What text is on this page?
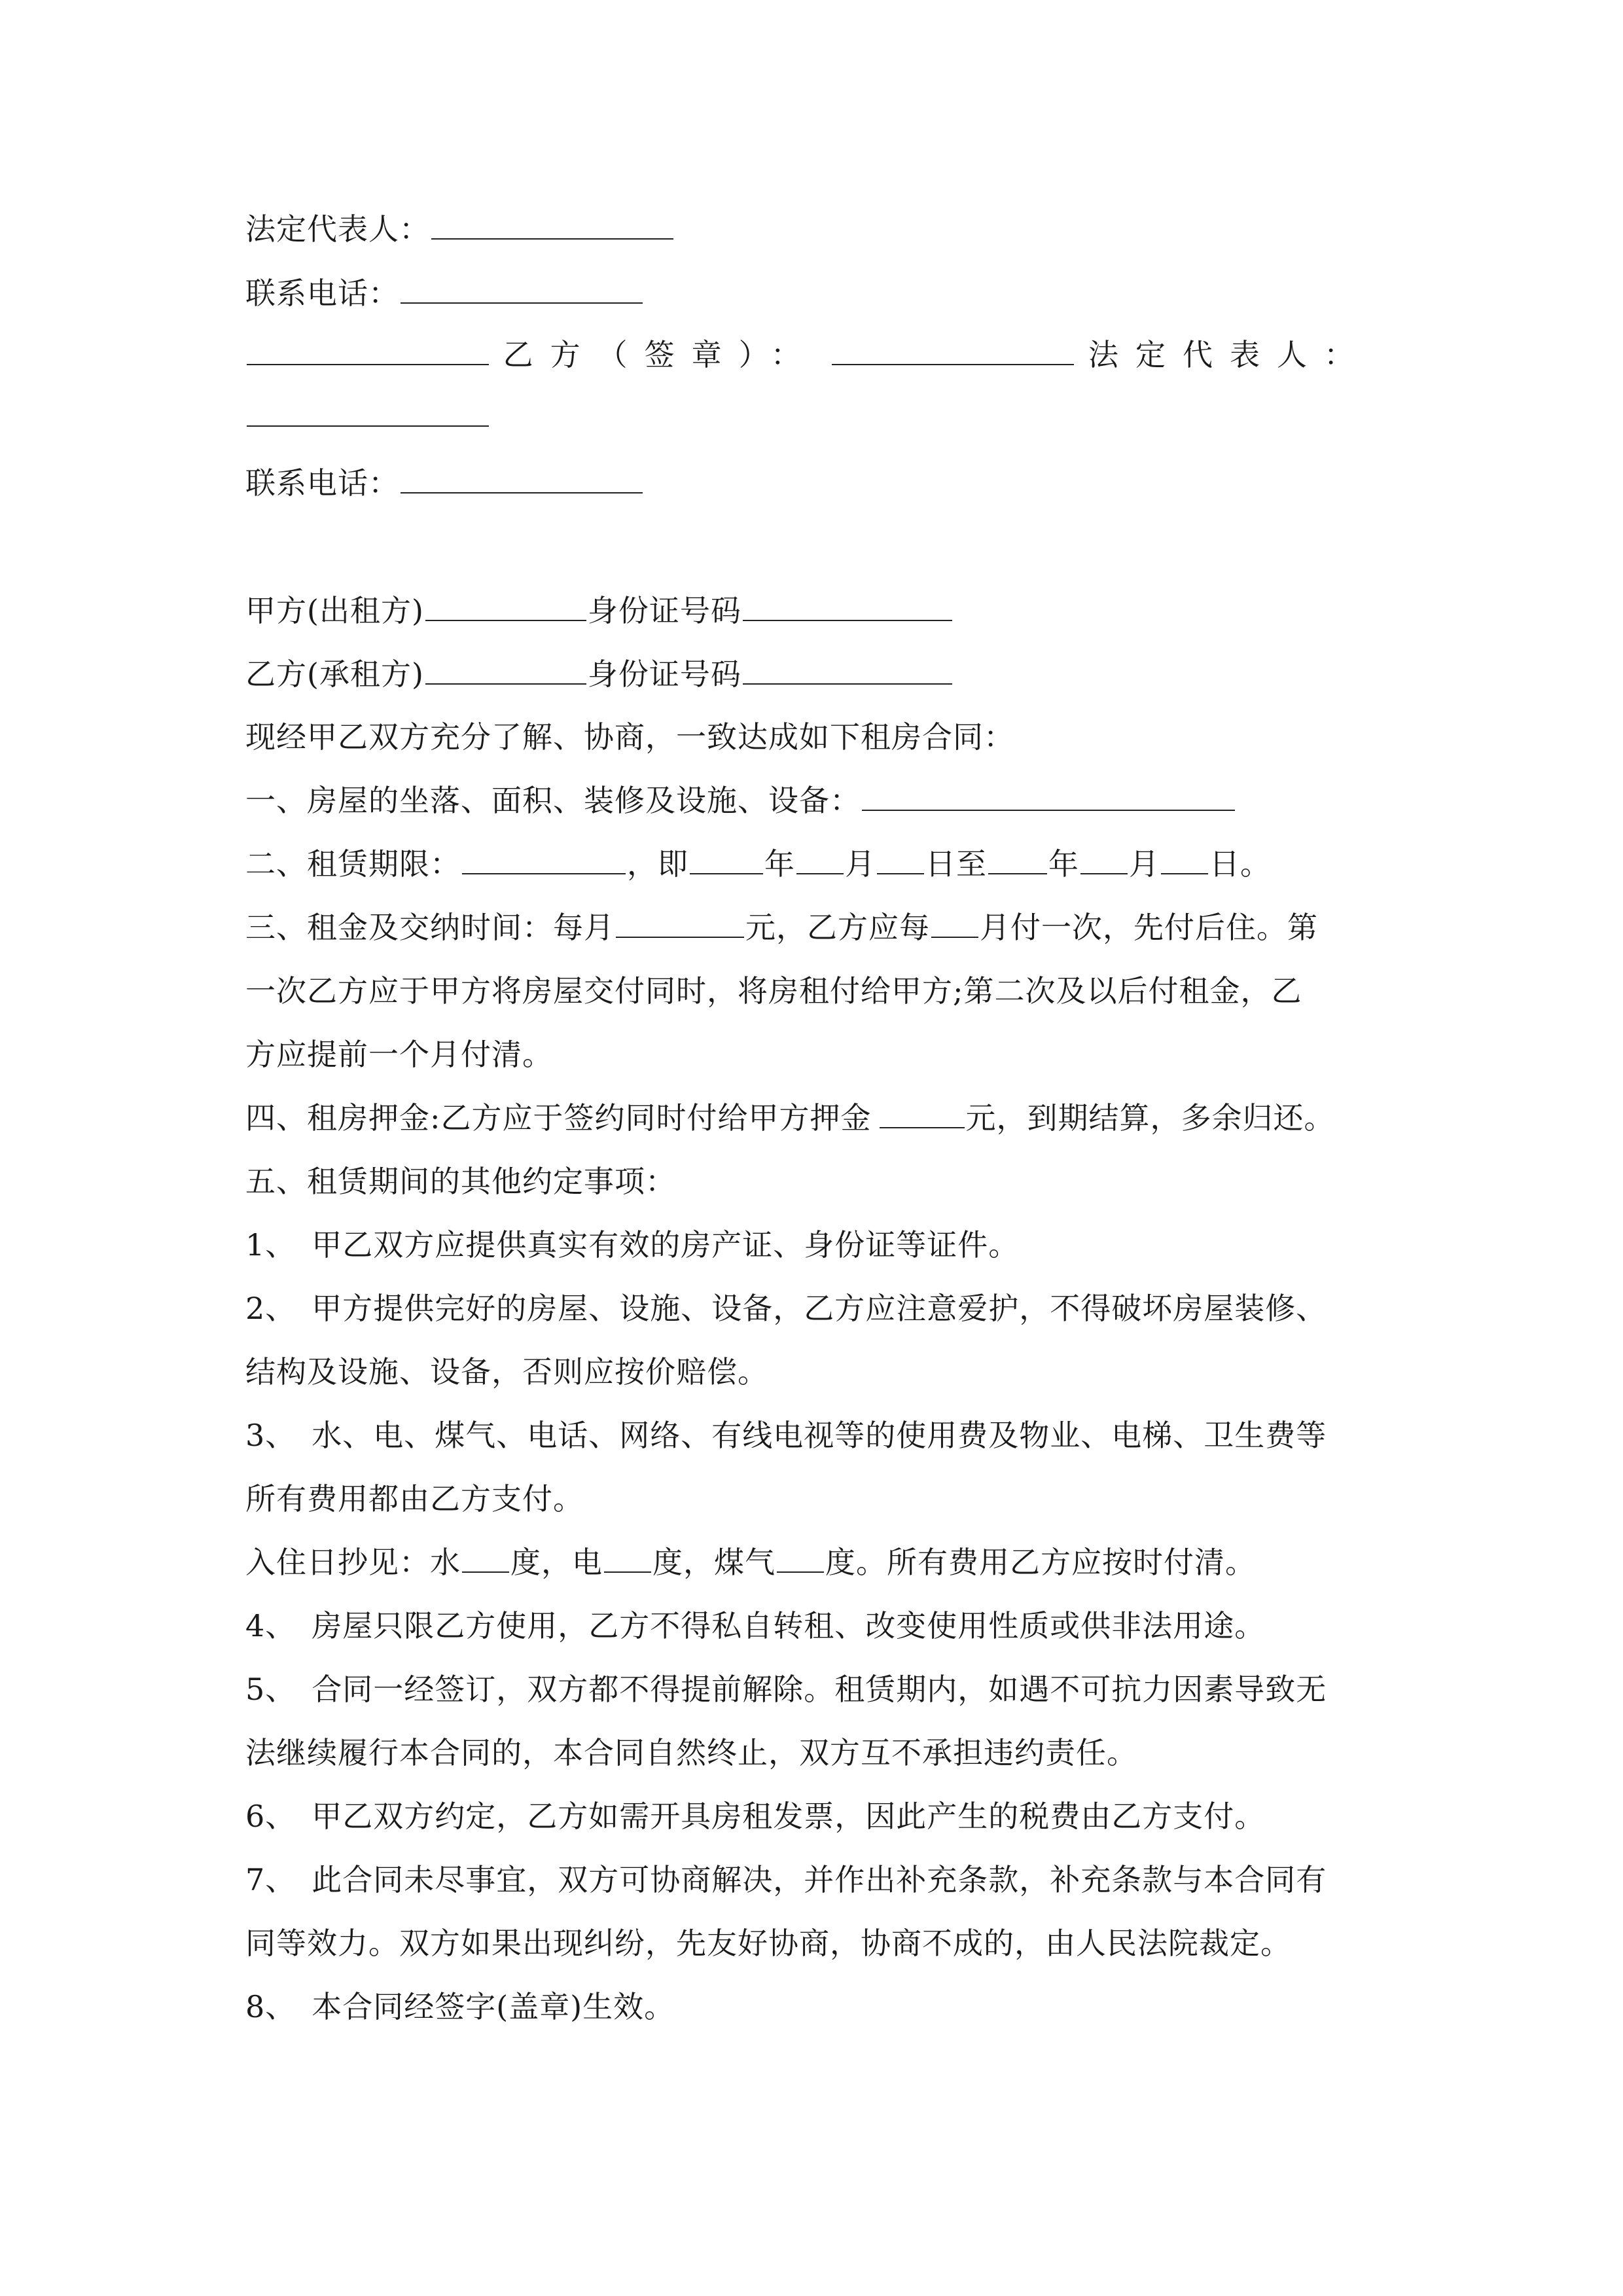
法定代表人：
联系电话：
乙方（签章）：	法定代表人：
联系电话：
甲方(出租方)	身份证号码
乙方(承租方)	身份证号码
现经甲乙双方充分了解、协商，一致达成如下租房合同：
一、房屋的坐落、面积、装修及设施、设备：
二、租赁期限：	，即	年 月 日至 年 月 日。
三、租金及交纳时间：每月	元，乙方应每 月付一次，先付后住。第
一次乙方应于甲方将房屋交付同时，将房租付给甲方;第二次及以后付租金，乙
方应提前一个月付清。
四、租房押金:乙方应于签约同时付给甲方押金	元，到期结算，多余归还。
五、租赁期间的其他约定事项：
1、　甲乙双方应提供真实有效的房产证、身份证等证件。
2、　甲方提供完好的房屋、设施、设备，乙方应注意爱护，不得破坏房屋装修、
结构及设施、设备，否则应按价赔偿。
3、　水、电、煤气、电话、网络、有线电视等的使用费及物业、电梯、卫生费等
所有费用都由乙方支付。
入住日抄见：水 度，电 度，煤气 度。所有费用乙方应按时付清。
4、　房屋只限乙方使用，乙方不得私自转租、改变使用性质或供非法用途。
5、　合同一经签订，双方都不得提前解除。租赁期内，如遇不可抗力因素导致无
法继续履行本合同的，本合同自然终止，双方互不承担违约责任。
6、　甲乙双方约定，乙方如需开具房租发票，因此产生的税费由乙方支付。
7、　此合同未尽事宜，双方可协商解决，并作出补充条款，补充条款与本合同有
同等效力。双方如果出现纠纷，先友好协商，协商不成的，由人民法院裁定。
8、　本合同经签字(盖章)生效。
